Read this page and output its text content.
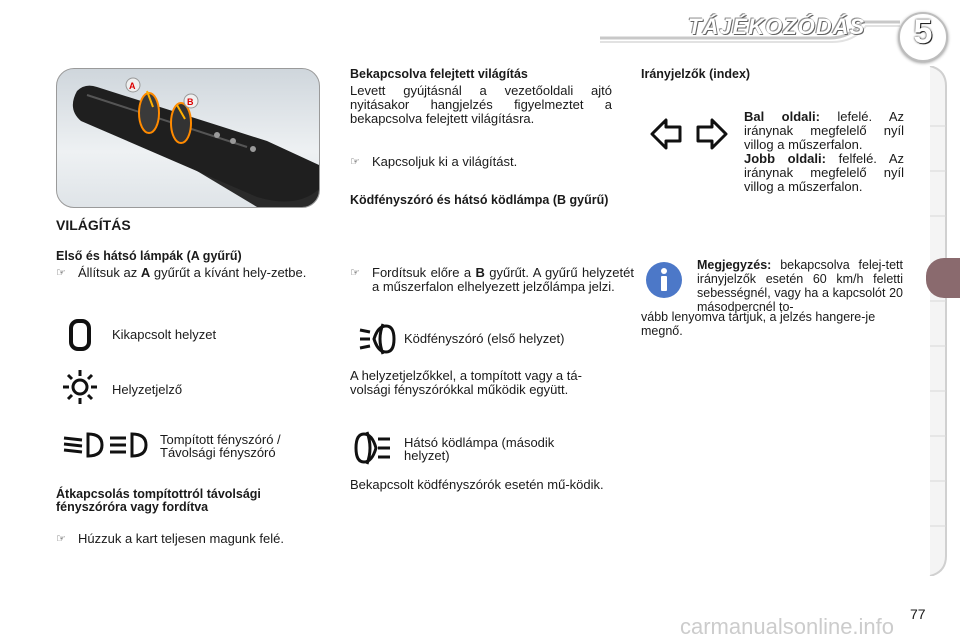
TÁJÉKOZÓDÁS	5
A
B
VILÁGÍTÁS
Első és hátsó lámpák (A gyűrű)
☞ Állítsuk az A gyűrűt a kívánt hely-zetbe.
Kikapcsolt helyzet
Helyzetjelző
Tompított fényszóró /
Távolsági fényszóró
Átkapcsolás tompítottról távolsági
fényszóróra vagy fordítva
☞ Húzzuk a kart teljesen magunk felé.
Bekapcsolva felejtett világítás
Levett gyújtásnál a vezetőoldali ajtó nyitásakor hangjelzés figyelmeztet a bekapcsolva felejtett világításra.
☞ Kapcsoljuk ki a világítást.
Ködfényszóró és hátsó ködlámpa (B gyűrű)
☞ Fordítsuk előre a B gyűrűt. A gyűrű helyzetét a műszerfalon elhelyezett jelzőlámpa jelzi.
Ködfényszóró (első helyzet)
A helyzetjelzőkkel, a tompított vagy a tá-volsági fényszórókkal működik együtt.
Hátsó ködlámpa (második
helyzet)
Bekapcsolt ködfényszórók esetén mű-ködik.
Irányjelzők (index)
Bal oldali: lefelé. Az iránynak megfelelő nyíl villog a műszerfalon.
Jobb oldali: felfelé. Az iránynak megfelelő nyíl villog a műszerfalon.
Megjegyzés: bekapcsolva felej-tett irányjelzők esetén 60 km/h feletti sebességnél, vagy ha a kapcsolót 20 másodpercnél to-
vább lenyomva tartjuk, a jelzés hangere-je megnő.
77
carmanualsonline.info
